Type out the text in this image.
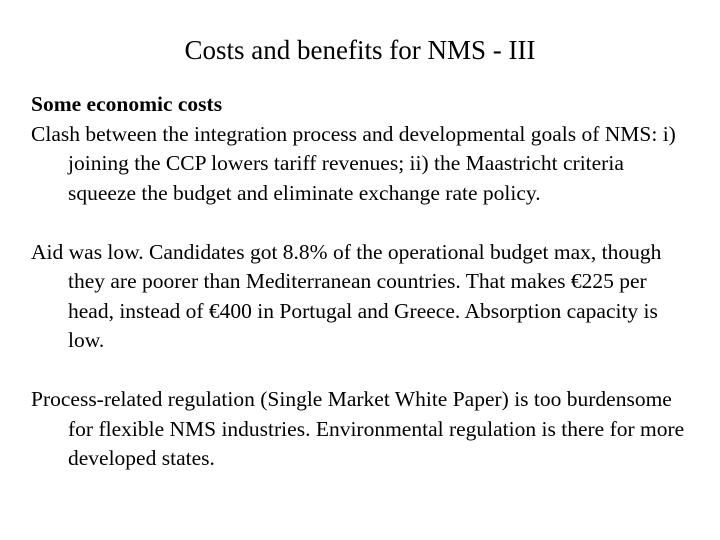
Costs and benefits for NMS - III

Some economic costs

Clash between the integration process and developmental goals of NMS: i) joining the CCP lowers tariff revenues; ii) the Maastricht criteria squeeze the budget and eliminate exchange rate policy.

Aid was low. Candidates got 8.8% of the operational budget max, though they are poorer than Mediterranean countries. That makes €225 per head, instead of €400 in Portugal and Greece. Absorption capacity is low.

Process-related regulation (Single Market White Paper) is too burdensome for flexible NMS industries. Environmental regulation is there for more developed states.
